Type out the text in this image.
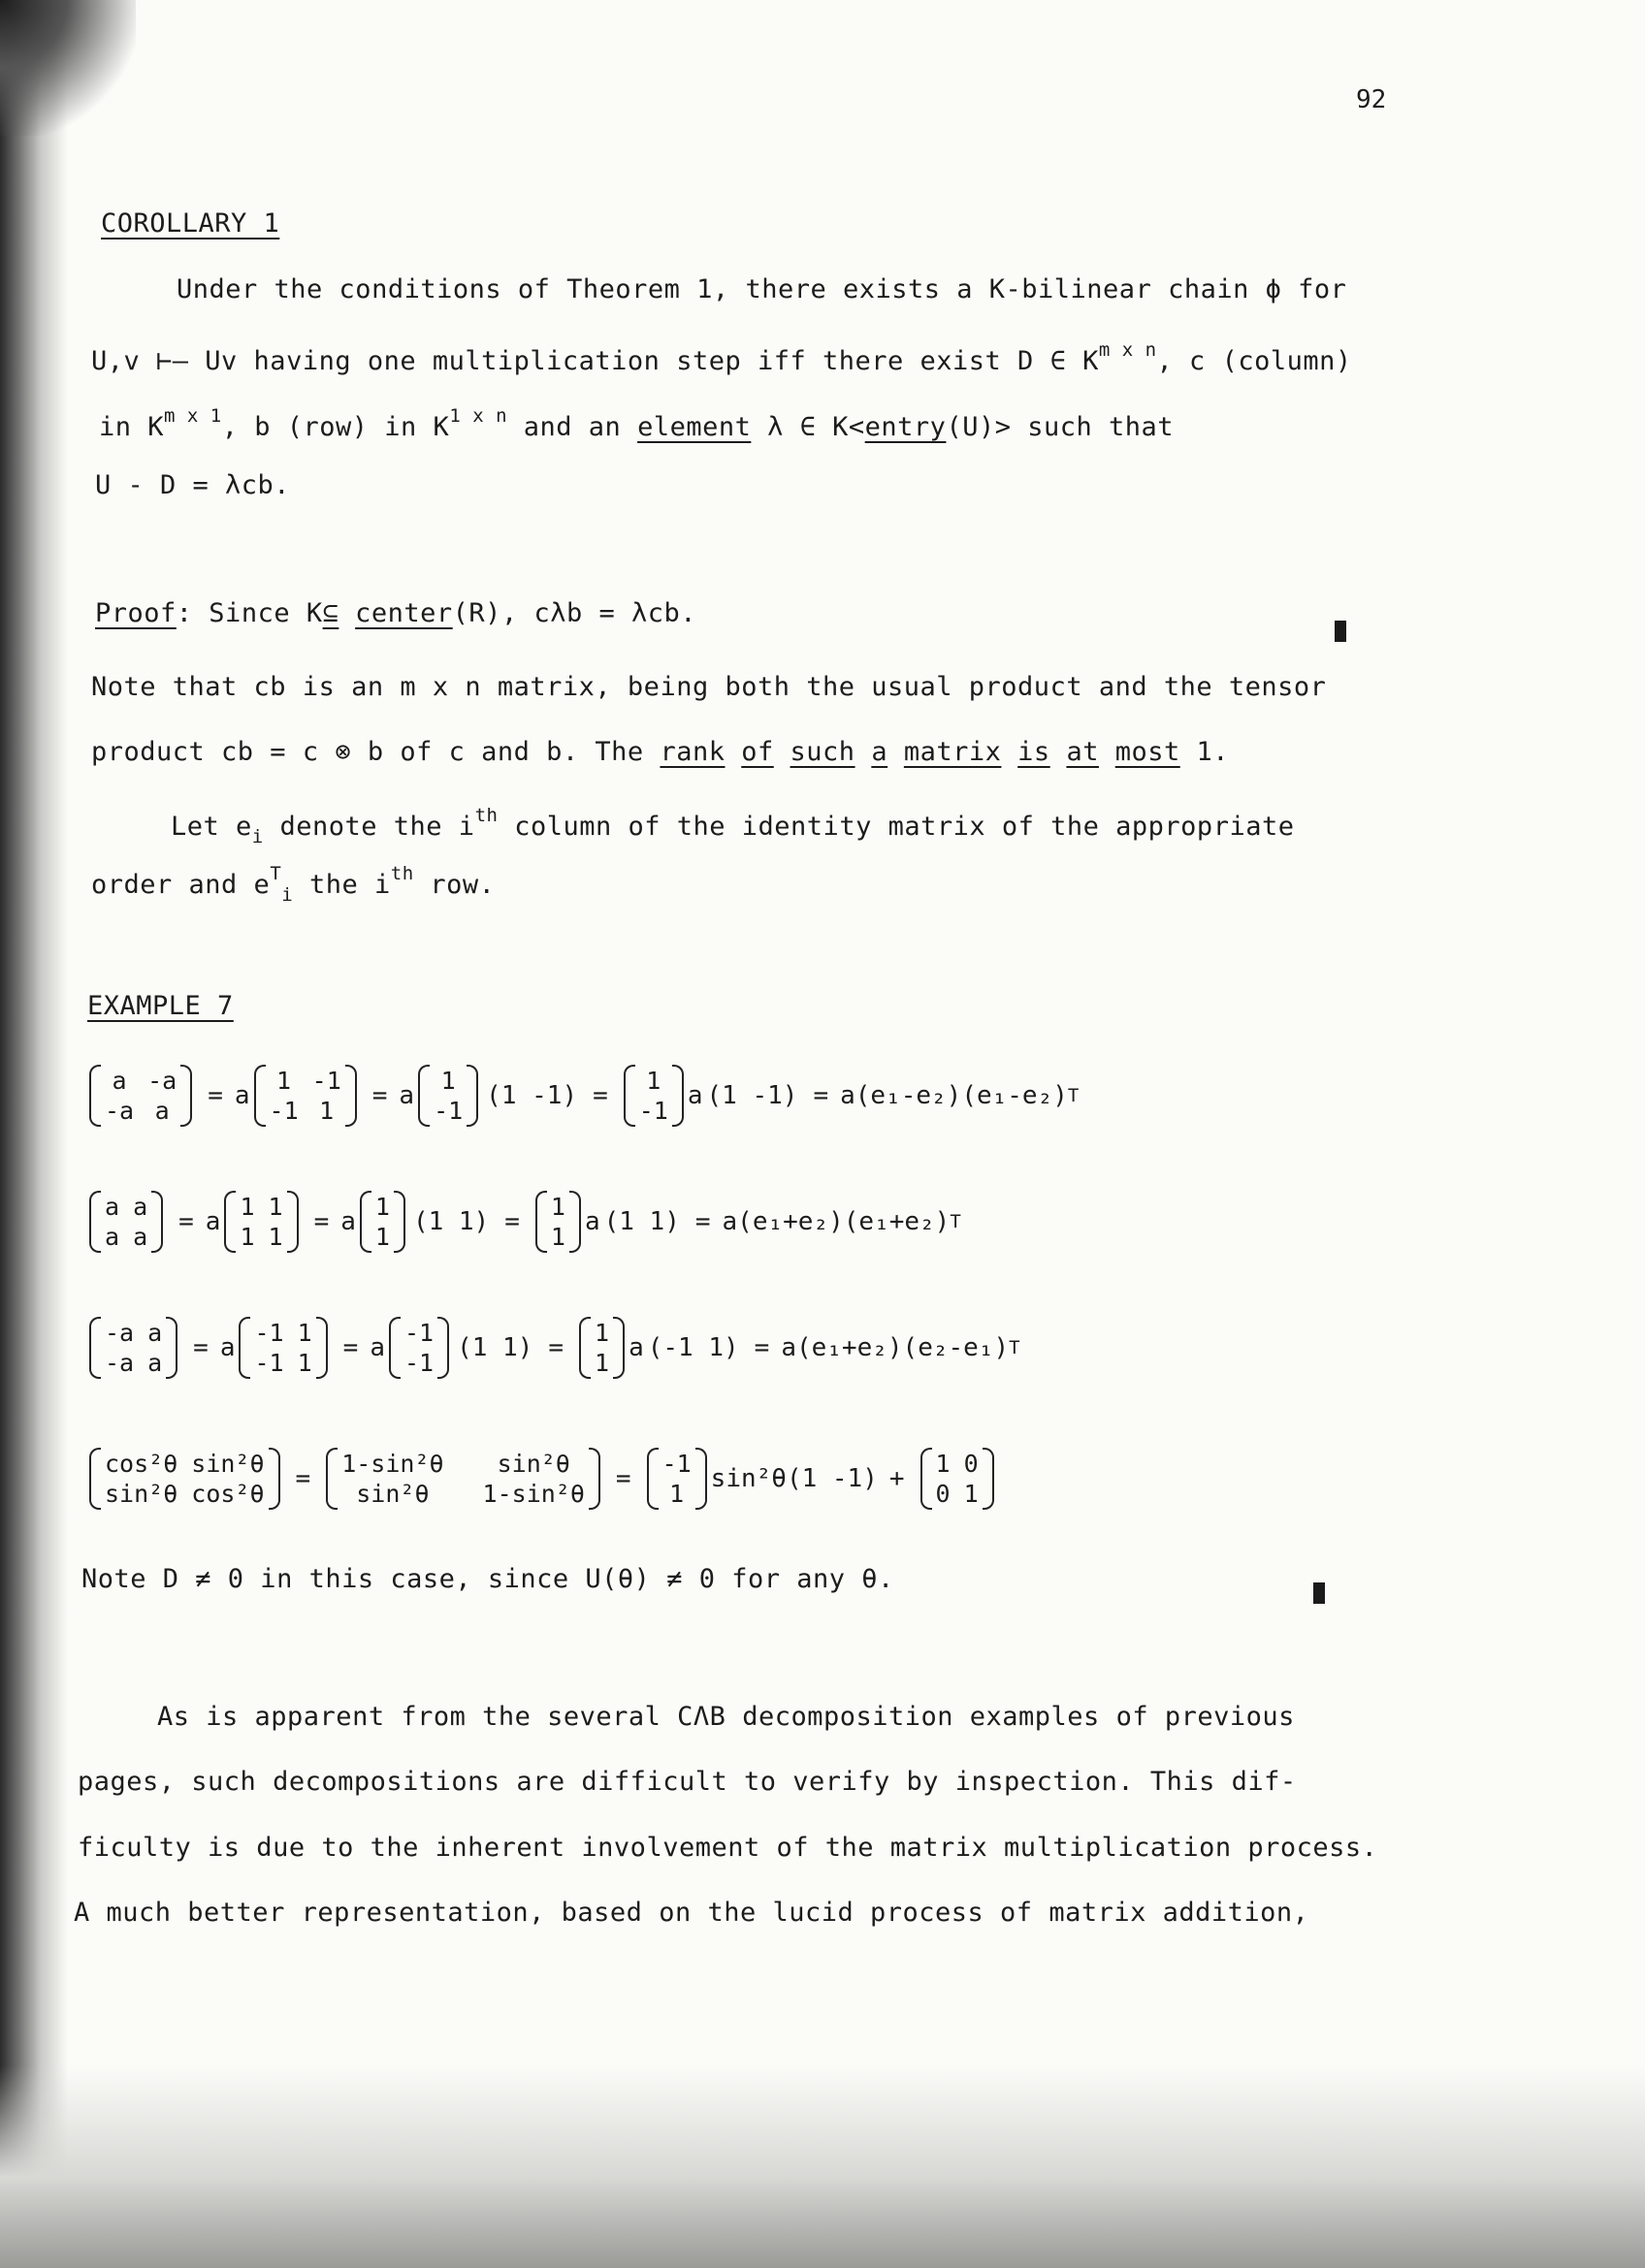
92
COROLLARY 1
Under the conditions of Theorem 1, there exists a K-bilinear chain ϕ for
U,v ⊢— Uv having one multiplication step iff there exist D ∈ $K^{m x n}$, c (column)
in $K^{m x 1}$, b (row) in $K^{1 x n}$ and an element λ ∈ K<entry(U)> such that
U - D = λcb.
Proof: Since K⊆ center(R), cλb = λcb.
Note that cb is an m x n matrix, being both the usual product and the tensor
product cb = c ⊗ b of c and b. The rank of such a matrix is at most 1.
Let $e_i$ denote the $i^{th}$ column of the identity matrix of the appropriate
order and $e^T_i$ the $i^{th}$ row.
EXAMPLE 7
a -a
-a a
= a
1 -1
-1 1
= a
1
-1
(1 -1) =
1
-1
a (1 -1) = a(e₁-e₂)(e₁-e₂) T
a a
a a
= a
1 1
1 1
= a
1
1
(1 1) =
1
1
a (1 1) = a(e₁+e₂)(e₁+e₂) T
-a a
-a a
= a
-1 1
-1 1
= a
-1
-1
(1 1) =
1
1
a (-1 1) = a(e₁+e₂)(e₂-e₁) T
cos²θ sin²θ
sin²θ cos²θ
=
1-sin²θ	sin²θ
sin²θ	1-sin²θ
=
-1
1
sin²θ(1 -1) +
1 0
0 1
Note D ≠ 0 in this case, since U(θ) ≠ 0 for any θ.
As is apparent from the several CΛB decomposition examples of previous
pages, such decompositions are difficult to verify by inspection. This dif-
ficulty is due to the inherent involvement of the matrix multiplication process.
A much better representation, based on the lucid process of matrix addition,
